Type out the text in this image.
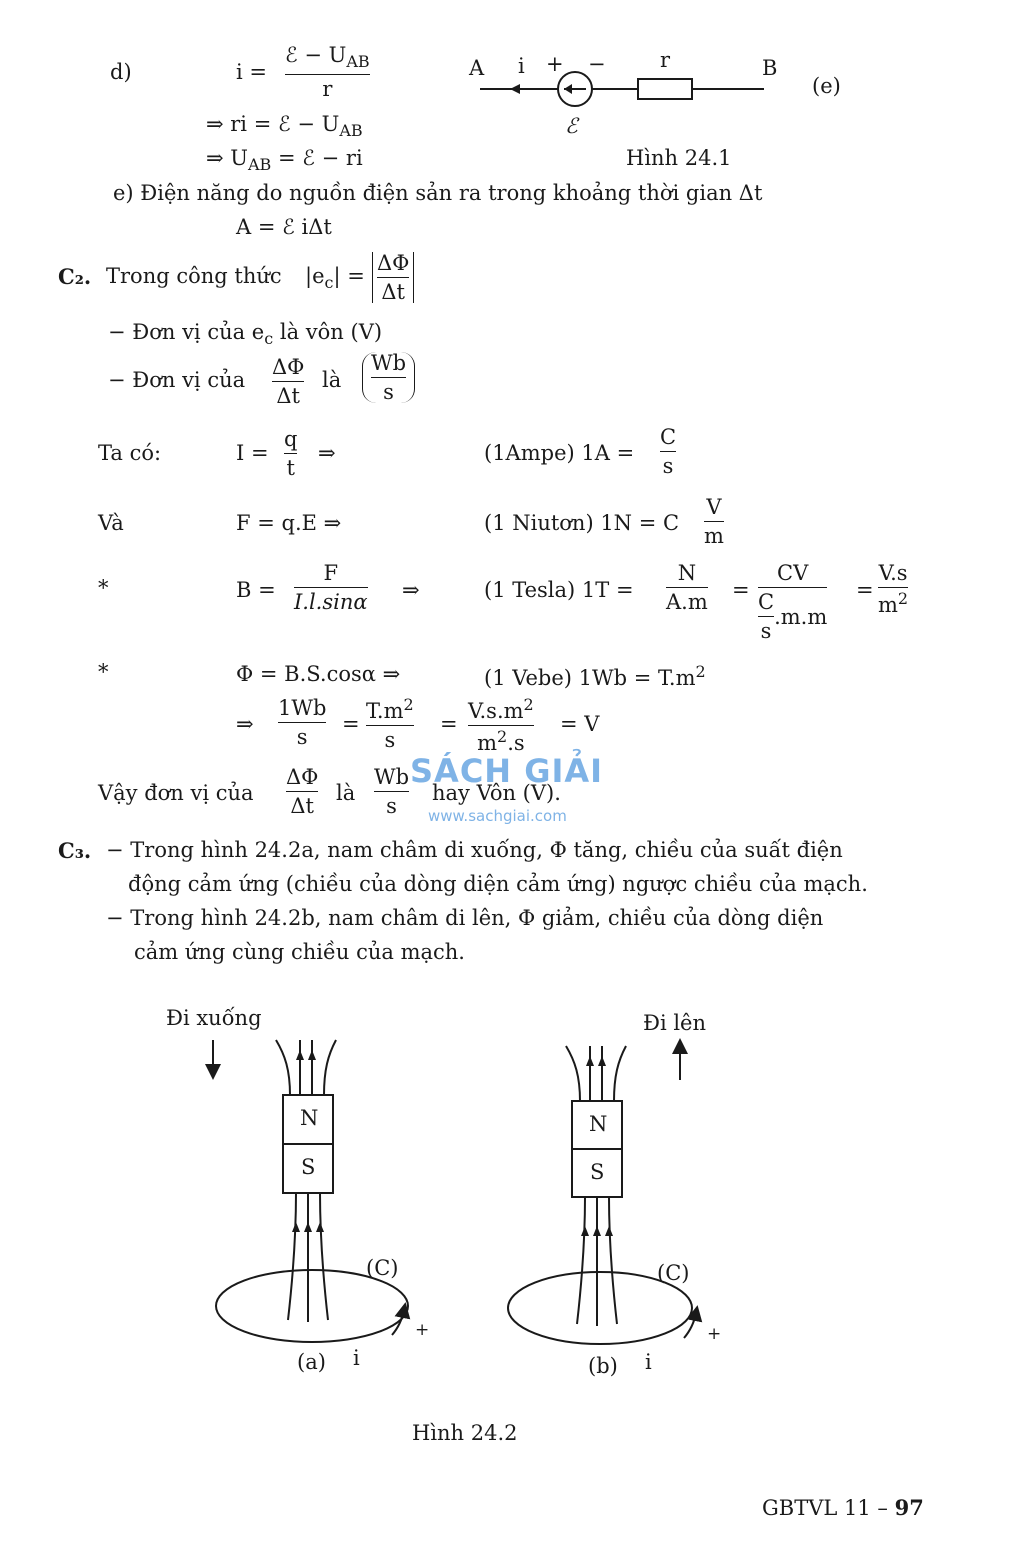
d)	i =
ℰ − $U_{AB}$
r
⇒ ri = ℰ − $U_{AB}$
⇒ $U_{AB}$ = ℰ − ri
A i + −	r	B
(e)
ℰ
Hình 24.1
e) Điện năng do nguồn điện sản ra trong khoảng thời gian Δt
A = ℰ iΔt
C₂. Trong công thức $|e_c|$ =
ΔΦ
Δt
− Đơn vị của $e_c$ là vôn (V)
− Đơn vị của
ΔΦ
Δt
là
Wb
s
Ta có:	I =
q
t
⇒	(1Ampe) 1A =
C
s
Và	F = q.E ⇒	(1 Niutơn) 1N = C
V
m
*	B =
F
I.l.sinα
⇒	(1 Tesla) 1T =
N
A.m
=
CV
C
s
.m.m
=
V.s
$m^2$
*	Φ = B.S.cosα ⇒	(1 Vebe) $1Wb = T.m^2$
⇒
1Wb
s
=
$T.m^2$
s
=
$V.s.m^2$
$m^2.s$
= V
SÁCH GIẢI
www.sachgiai.com
Vậy đơn vị của
ΔΦ
Δt
là
Wb
s
hay Vôn (V).
C₃. − Trong hình 24.2a, nam châm di xuống, Φ tăng, chiều của suất điện
động cảm ứng (chiều của dòng diện cảm ứng) ngược chiều của mạch.
− Trong hình 24.2b, nam châm di lên, Φ giảm, chiều của dòng diện
cảm ứng cùng chiều của mạch.
Đi xuống	Đi lên
N
S
N
S
(C)	(C)
+	+
(a) i	(b) i
Hình 24.2
GBTVL 11 – 97
